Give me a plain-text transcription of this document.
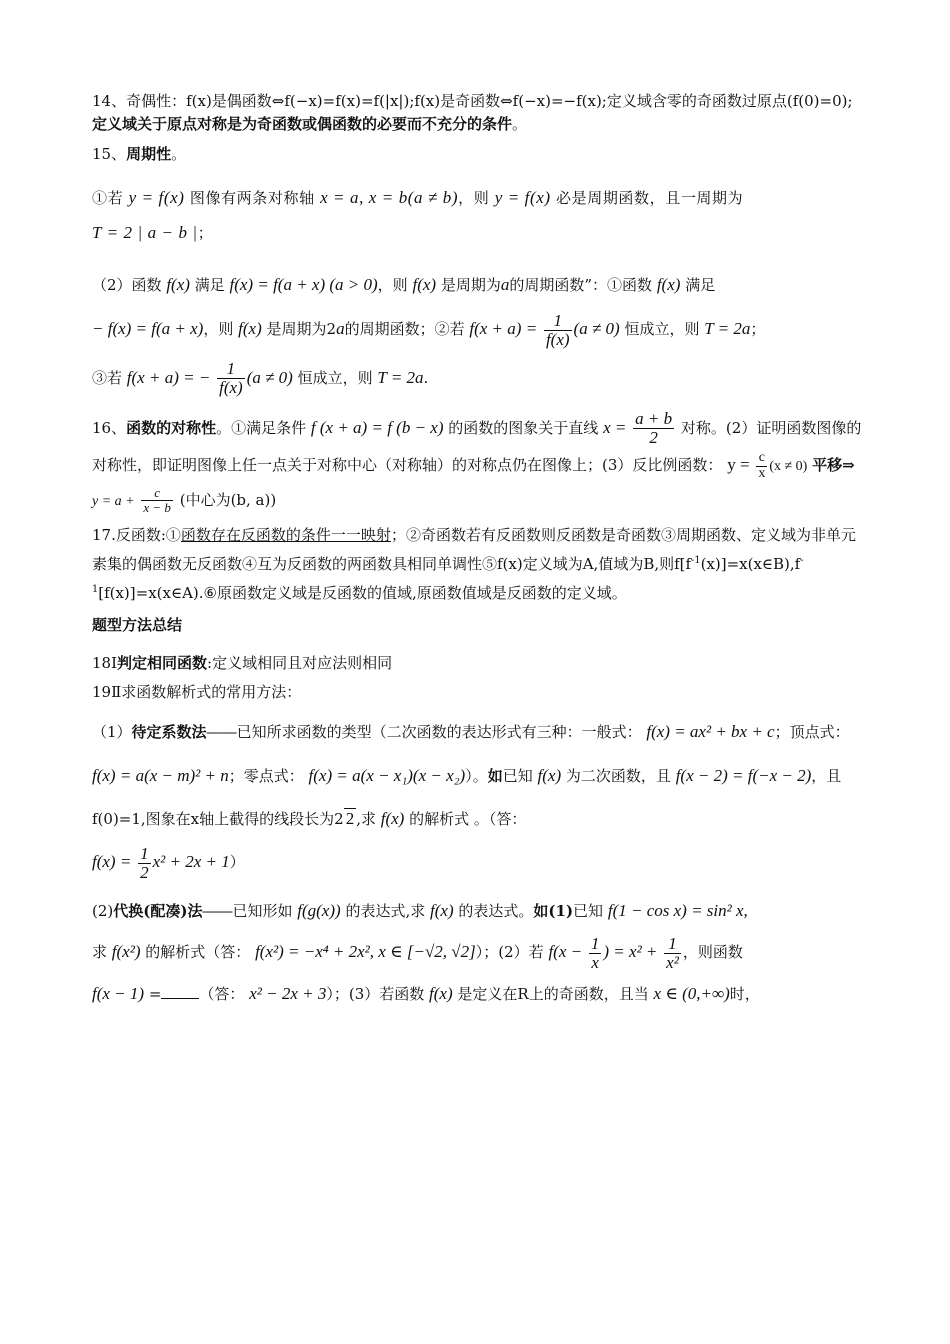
14、奇偶性：f(x)是偶函数⇔f(−x)=f(x)=f(|x|);f(x)是奇函数⇔f(−x)=−f(x);定义域含零的奇函数过原点(f(0)=0);定义域关于原点对称是为奇函数或偶函数的必要而不充分的条件。

15、周期性。

①若 y = f(x) 图像有两条对称轴 x = a, x = b(a ≠ b)，则 y = f(x) 必是周期函数，且一周期为
T = 2 | a − b |；

（2）函数 f(x) 满足 f(x) = f(a + x) (a > 0)，则 f(x) 是周期为a的周期函数”：①函数 f(x) 满足
− f(x) = f(a + x)，则 f(x) 是周期为2a的周期函数；②若 $f(x + a) = \frac{1}{f(x)} (a \ne 0)$ 恒成立，则 T = 2a；

③若 f(x + a) = − $\frac{1}{f(x)} (a \ne 0)$ 恒成立，则 T = 2a.

16、函数的对称性。①满足条件 f (x + a) = f (b − x) 的函数的图象关于直线 $x = \frac{a + b}{2}$ 对称。(2）证明函数图像的对称性，即证明图像上任一点关于对称中心（对称轴）的对称点仍在图像上；(3）反比例函数： $y = \frac{c}{x} (x \ne 0)$ 平移⇒ $y = a + \frac{c}{x - b}$ (中心为(b, a))

17.反函数:①函数存在反函数的条件一一映射；②奇函数若有反函数则反函数是奇函数③周期函数、定义域为非单元素集的偶函数无反函数④互为反函数的两函数具相同单调性⑤f(x)定义域为A,值域为B,则$f[f^{-1}(x)]=x(x\in B),f^{-1}[f(x)]=x(x\in A).⑥$原函数定义域是反函数的值域,原函数值域是反函数的定义域。

题型方法总结

18Ⅰ判定相同函数:定义域相同且对应法则相同

19Ⅱ求函数解析式的常用方法：

（1）待定系数法――已知所求函数的类型（二次函数的表达形式有三种：一般式： f(x) = ax² + bx + c；顶点式： f(x) = a(x − m)² + n；零点式： f(x) = a(x − x₁)(x − x₂)）。如已知 f(x) 为二次函数，且 f(x − 2) = f(−x − 2)，且f(0)=1,图象在x轴上截得的线段长为2 2 ,求 f(x) 的解析式 。（答：
$f(x) = \frac{1}{2} x^2 + 2x + 1$）

(2)代换(配凑)法――已知形如 f(g(x)) 的表达式,求 f(x) 的表达式。如(1)已知 f(1 − cos x) = sin² x,
求 f(x²) 的解析式（答： f(x²) = −x⁴ + 2x², x ∈ [−√2, √2]）；(2）若 $f(x - \frac{1}{x}$ ) = $x^2 + \frac{1}{\text{x²}}$ ，则函数
f(x − 1) =	（答： x² − 2x + 3）；(3）若函数 f(x) 是定义在R上的奇函数，且当 x ∈ (0,+∞)时，
